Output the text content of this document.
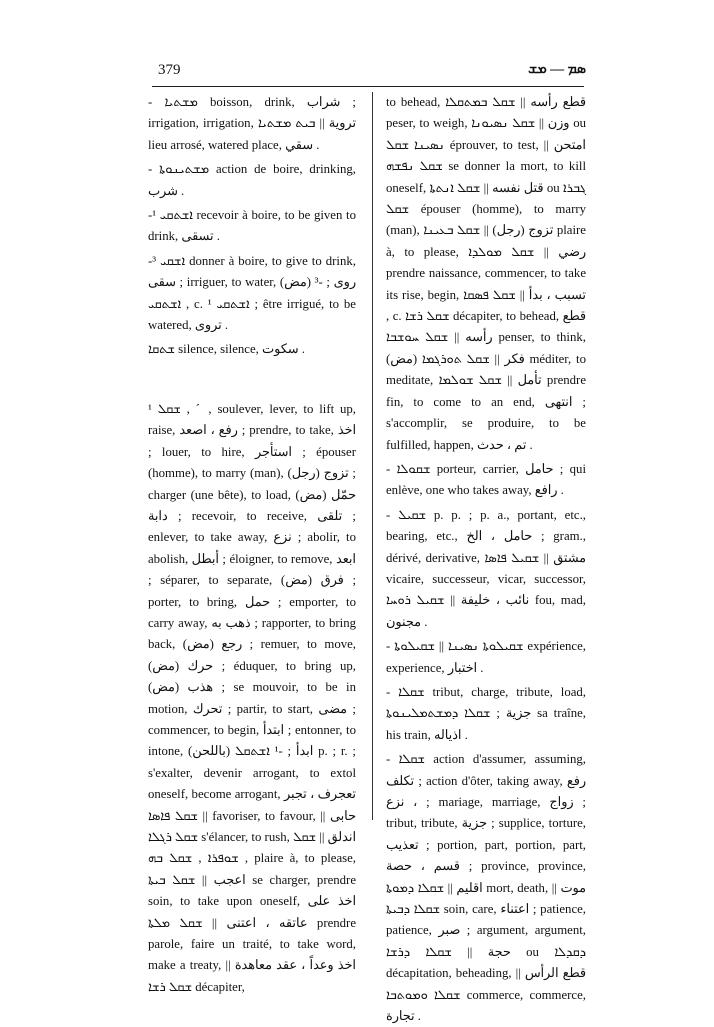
379	ܣܡ — ܡܫ

- ܡܫܬܝܐ boisson, drink, شراب ; irrigation, irrigation, ترویة || ܒܝܬ ܡܫܬܝܐ lieu arrosé, watered place, سقي .

- ܡܫܬܝܢܘܬܐ action de boire, drinking, شرب .

-¹ ܐܫܬܩܝ recevoir à boire, to be given to drink, تسقى .

-³ ܐܫܩܝ donner à boire, to give to drink, سقى ; irriguer, to water, (مض) روى ; -³ ܐܫܬܩܝ , c. ¹ ܐܫܬܩܝ ; être irrigué, to be watered, تروى .

ܫܬܩܐ silence, silence, سكوت .

¹ ܫܩܠ , ˊ , soulever, lever, to lift up, raise, رفع ، اصعد ; prendre, to take, اخذ ; louer, to hire, استأجر ; épouser (homme), to marry (man), (رجل) تزوج ; charger (une bête), to load, حمّل (مض) دابة ; recevoir, to receive, تلقى ; enlever, to take away, نزع ; abolir, to abolish, أبطل ; éloigner, to remove, ابعد ; séparer, to separate, (مض) فرق ; porter, to bring, حمل ; emporter, to carry away, ذهب به ; rapporter, to bring back, (مض) رجع ; remuer, to move, (مض) حرك ; éduquer, to bring up, (مض) هذب ; se mouvoir, to be in motion, تحرك ; partir, to start, مضى ; commencer, to begin, ابتدأ ; entonner, to intone, (باللحن) ابدأ ; -¹ ܐܫܬܩܠ p. ; r. ; s'exalter, devenir arrogant, to extol oneself, become arrogant, تعجرف ، تجبر || ܫܩܠ ܦܐܣܐ favoriser, to favour, حابى || ܫܩܠ ܪܓܠܐ s'élancer, to rush, اندلق || ܫܩܠ ܫܘܦܪܐ , ܫܩܠ ܒܗ , plaire à, to please, اعجب || ܫܩܠ ܒܝܬܐ se charger, prendre soin, to take upon oneself, اخذ على عاتقه ، اعتنى || ܫܩܠ ܡܠܬܐ prendre parole, faire un traité, to take word, make a treaty, اخذ وعداً ، عقد معاهدة || ܫܩܠ ܪܫܐ décapiter,

to behead, قطع رأسه || ܫܩܠ ܒܡܬܩܠܐ peser, to weigh, وزن || ܫܩܠ ܢܣܝܘܢܐ ou ܢܣܝܢܐ ܫܩܠ éprouver, to test, امتحن || ܫܩܠ ܢܦܫܗ se donner la mort, to kill oneself, قتل نفسه || ܫܩܠ ܐܢܬܬܐ ou ܓܒܪܐ ܫܩܠ épouser (homme), to marry (man), تزوج (رجل) || ܫܩܠ ܒܥܝܢܐ plaire à, to please, رضي || ܫܩܠ ܡܘܠܕܐ prendre naissance, commencer, to take its rise, begin, تسبب ، بدأ || ܫܩܠ ܦܣܩܐ , c. ܫܩܠ ܪܫܐ décapiter, to behead, قطع رأسه || ܫܩܠ ܚܘܫܒܐ penser, to think, (مض) فكر || ܫܩܠ ܬܘܪܓܡܐ méditer, to meditate, تأمل || ܫܩܠ ܫܘܠܡܐ prendre fin, to come to an end, انتهى ; s'accomplir, se produire, to be fulfilled, happen, تم ، حدث .

- ܫܩܘܠܐ porteur, carrier, حامل ; qui enlève, one who takes away, رافع .

- ܫܩܝܠ p. p. ; p. a., portant, etc., bearing, etc., حامل ، الخ ; gram., dérivé, derivative, مشتق || ܫܩܝܠ ܦܐܣܐ vicaire, successeur, vicar, successor, نائب ، خليفة || ܫܩܝܠ ܪܘܚܐ fou, mad, مجنون .

- ܫܩܝܠܘܬܐ ܢܣܝܢܐ || ܫܩܝܠܘܬܐ expérience, experience, اختبار .

- ܫܩܠܐ tribut, charge, tribute, load, جزية ; ܫܩܠܐ ܕܡܫܬܡܠܝܢܘܬܐ sa traîne, his train, اذياله .

- ܫܩܠܐ action d'assumer, assuming, تكلف ; action d'ôter, taking away, رفع ، نزع ; mariage, marriage, زواج ; tribut, tribute, جزية ; supplice, torture, تعذيب ; portion, part, portion, part, قسم ، حصة ; province, province, اقليم || ܫܩܠܐ ܕܡܘܬܐ mort, death, موت || ܫܩܠܐ ܕܒܝܬܐ soin, care, اعتناء ; patience, patience, صبر ; argument, argument, حجة || ܫܩܠܐ ܕܪܫܐ ou ܕܩܕܠܐ décapitation, beheading, قطع الرأس || ܫܩܠܐ ܘܡܘܬܒܐ commerce, commerce, تجارة .
